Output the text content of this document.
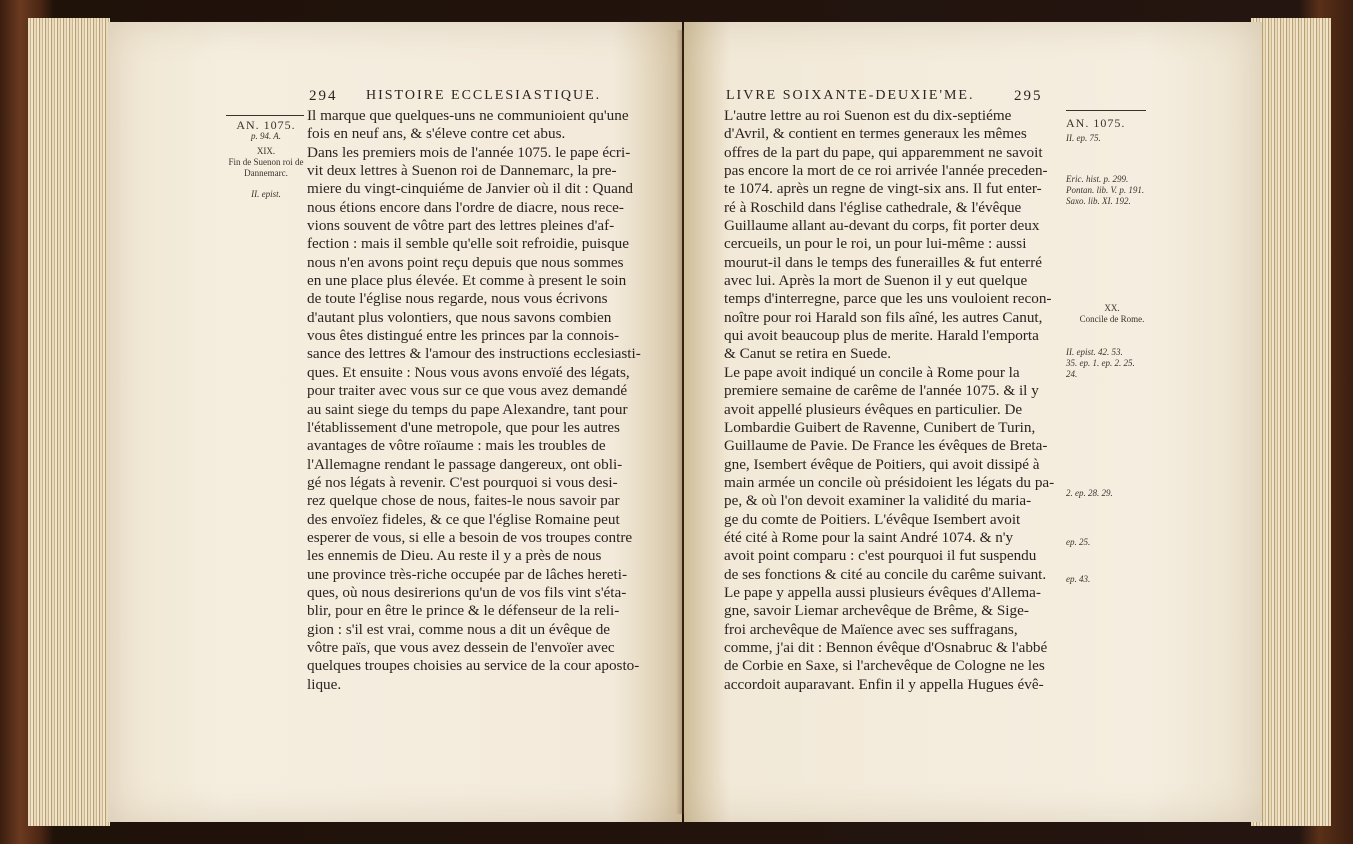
294 HISTOIRE ECCLESIASTIQUE.
AN. 1075.
p. 94. A.
XIX.
Fin de Suenon roi de Dannemarc.
II. epist.
Il marque que quelques-uns ne communioient qu'une
fois en neuf ans, & s'éleve contre cet abus.
Dans les premiers mois de l'année 1075. le pape écri-
vit deux lettres à Suenon roi de Dannemarc, la pre-
miere du vingt-cinquiéme de Janvier où il dit : Quand
nous étions encore dans l'ordre de diacre, nous rece-
vions souvent de vôtre part des lettres pleines d'af-
fection : mais il semble qu'elle soit refroidie, puisque
nous n'en avons point reçu depuis que nous sommes
en une place plus élevée. Et comme à present le soin
de toute l'église nous regarde, nous vous écrivons
d'autant plus volontiers, que nous savons combien
vous êtes distingué entre les princes par la connois-
sance des lettres & l'amour des instructions ecclesiasti-
ques. Et ensuite : Nous vous avons envoïé des légats,
pour traiter avec vous sur ce que vous avez demandé
au saint siege du temps du pape Alexandre, tant pour
l'établissement d'une metropole, que pour les autres
avantages de vôtre roïaume : mais les troubles de
l'Allemagne rendant le passage dangereux, ont obli-
gé nos légats à revenir. C'est pourquoi si vous desi-
rez quelque chose de nous, faites-le nous savoir par
des envoïez fideles, & ce que l'église Romaine peut
esperer de vous, si elle a besoin de vos troupes contre
les ennemis de Dieu. Au reste il y a près de nous
une province très-riche occupée par de lâches hereti-
ques, où nous desirerions qu'un de vos fils vint s'éta-
blir, pour en être le prince & le défenseur de la reli-
gion : s'il est vrai, comme nous a dit un évêque de
vôtre païs, que vous avez dessein de l'envoïer avec
quelques troupes choisies au service de la cour aposto-
lique.
LIVRE SOIXANTE-DEUXIE'ME.	295
AN. 1075.
II. ep. 75.
Eric. hist. p. 299.
Pontan. lib. V. p. 191.
Saxo. lib. XI. 192.
XX.
Concile de Rome.
II. epist. 42. 53.
35. ep. 1. ep. 2. 25.
24.
2. ep. 28. 29.
ep. 25.
ep. 43.
L'autre lettre au roi Suenon est du dix-septiéme
d'Avril, & contient en termes generaux les mêmes
offres de la part du pape, qui apparemment ne savoit
pas encore la mort de ce roi arrivée l'année preceden-
te 1074. après un regne de vingt-six ans. Il fut enter-
ré à Roschild dans l'église cathedrale, & l'évêque
Guillaume allant au-devant du corps, fit porter deux
cercueils, un pour le roi, un pour lui-même : aussi
mourut-il dans le temps des funerailles & fut enterré
avec lui. Après la mort de Suenon il y eut quelque
temps d'interregne, parce que les uns vouloient recon-
noître pour roi Harald son fils aîné, les autres Canut,
qui avoit beaucoup plus de merite. Harald l'emporta
& Canut se retira en Suede.
Le pape avoit indiqué un concile à Rome pour la
premiere semaine de carême de l'année 1075. & il y
avoit appellé plusieurs évêques en particulier. De
Lombardie Guibert de Ravenne, Cunibert de Turin,
Guillaume de Pavie. De France les évêques de Breta-
gne, Isembert évêque de Poitiers, qui avoit dissipé à
main armée un concile où présidoient les légats du pa-
pe, & où l'on devoit examiner la validité du maria-
ge du comte de Poitiers. L'évêque Isembert avoit
été cité à Rome pour la saint André 1074. & n'y
avoit point comparu : c'est pourquoi il fut suspendu
de ses fonctions & cité au concile du carême suivant.
Le pape y appella aussi plusieurs évêques d'Allema-
gne, savoir Liemar archevêque de Brême, & Sige-
froi archevêque de Maïence avec ses suffragans,
comme, j'ai dit : Bennon évêque d'Osnabruc & l'abbé
de Corbie en Saxe, si l'archevêque de Cologne ne les
accordoit auparavant. Enfin il y appella Hugues évê-
